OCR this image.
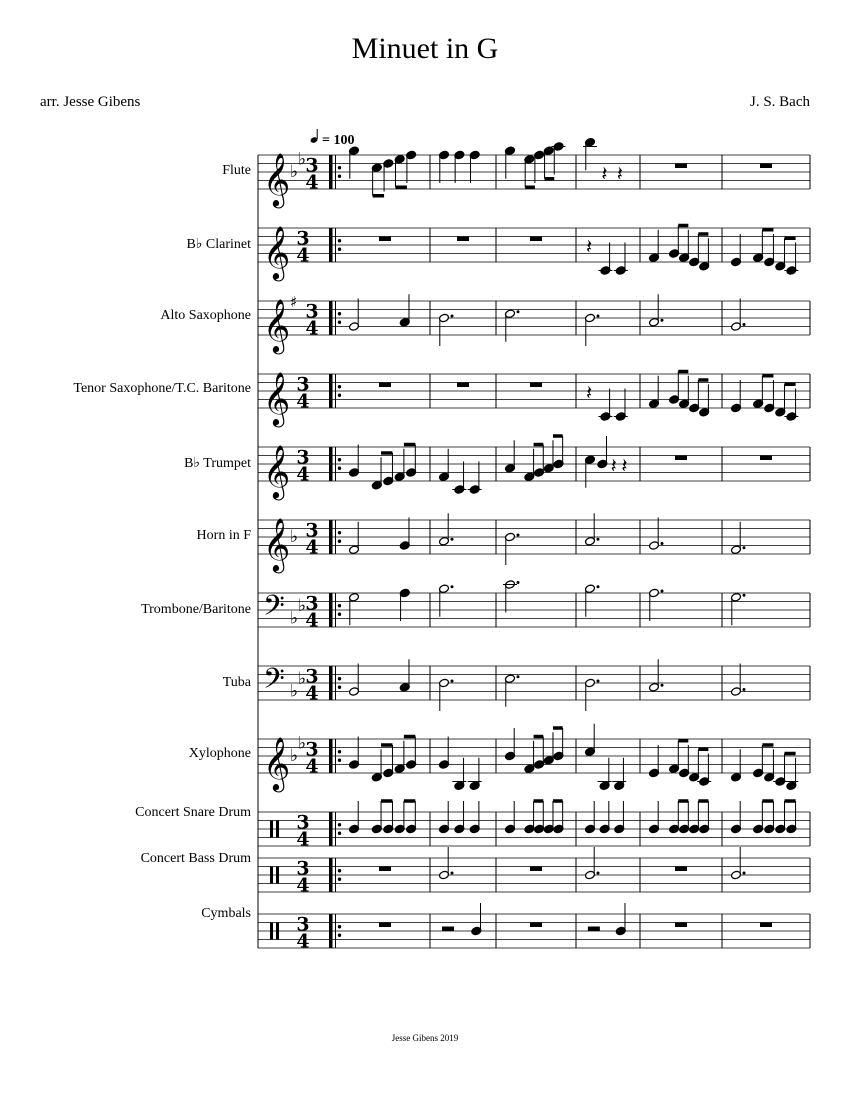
Minuet in G
arr. Jesse Gibens	J. S. Bach
Flute
B♭ Clarinet
Alto Saxophone
Tenor Saxophone/T.C. Baritone
B♭ Trumpet
Horn in F
Trombone/Baritone
Tuba
Xylophone
Concert Snare Drum
Concert Bass Drum
Cymbals
= 100
𝄞 ♭
♭ 3
4
𝄞 3
4
𝄞 ♯ 3
4
𝄞 3
4
𝄞 3
4
𝄞 ♭ 3
4
𝄢 ♭
♭ 3
4
𝄢 ♭
♭ 3
4
𝄞 ♭
♭ 3
4
3
4
3
4
3
4
𝄽 𝄽
𝄽
𝄽
𝄽 𝄽
Jesse Gibens 2019
